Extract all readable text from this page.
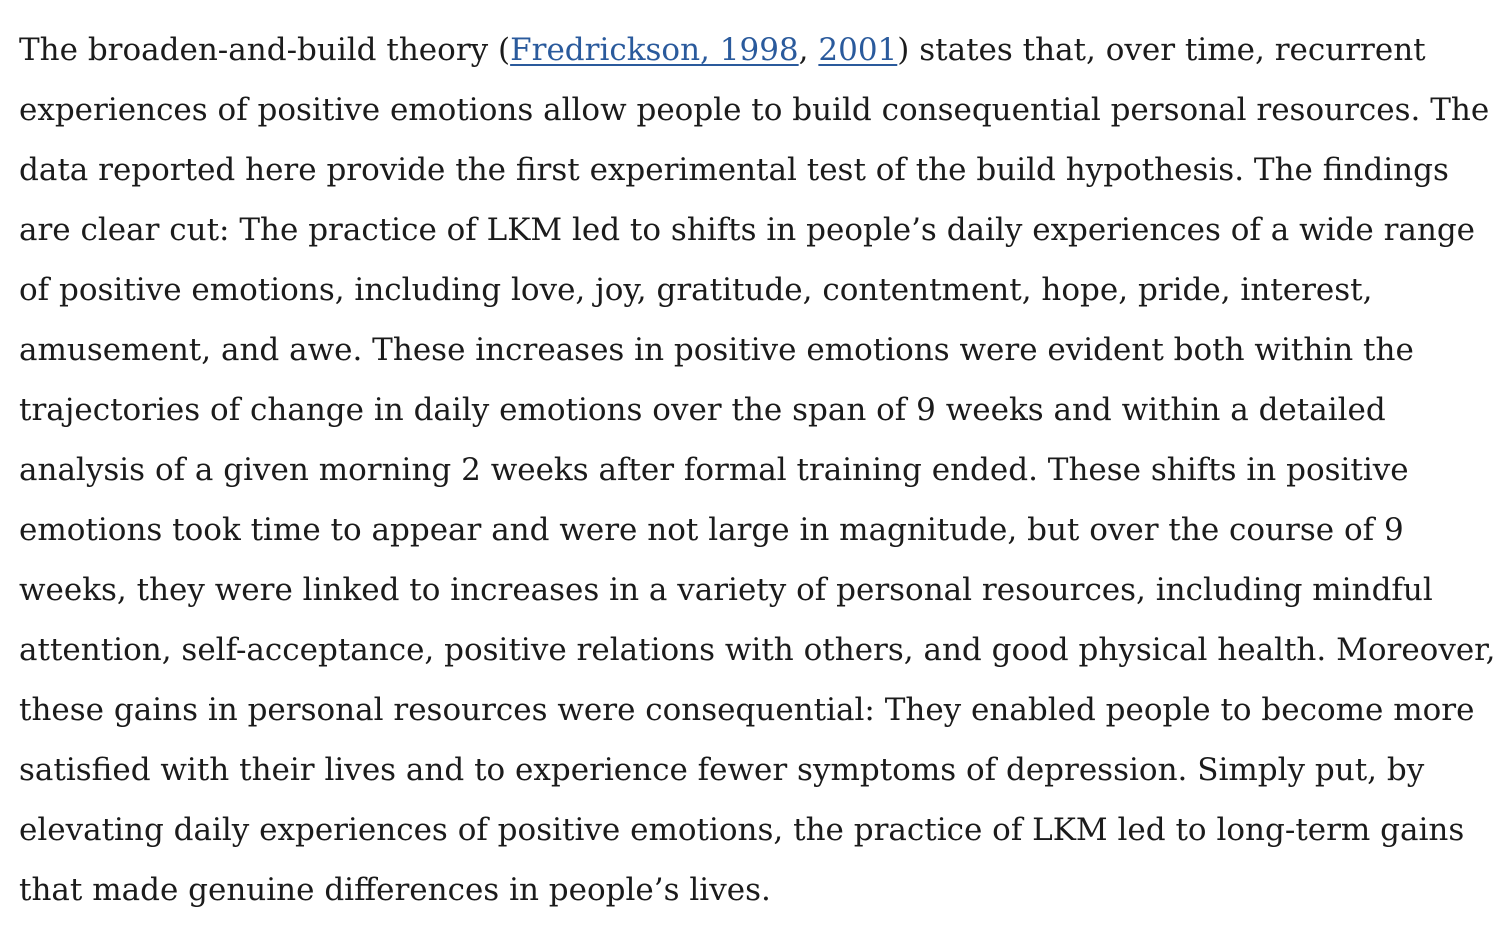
The broaden-and-build theory (Fredrickson, 1998, 2001) states that, over time, recurrent
experiences of positive emotions allow people to build consequential personal resources. The
data reported here provide the first experimental test of the build hypothesis. The findings
are clear cut: The practice of LKM led to shifts in people’s daily experiences of a wide range
of positive emotions, including love, joy, gratitude, contentment, hope, pride, interest,
amusement, and awe. These increases in positive emotions were evident both within the
trajectories of change in daily emotions over the span of 9 weeks and within a detailed
analysis of a given morning 2 weeks after formal training ended. These shifts in positive
emotions took time to appear and were not large in magnitude, but over the course of 9
weeks, they were linked to increases in a variety of personal resources, including mindful
attention, self-acceptance, positive relations with others, and good physical health. Moreover,
these gains in personal resources were consequential: They enabled people to become more
satisfied with their lives and to experience fewer symptoms of depression. Simply put, by
elevating daily experiences of positive emotions, the practice of LKM led to long-term gains
that made genuine differences in people’s lives.
